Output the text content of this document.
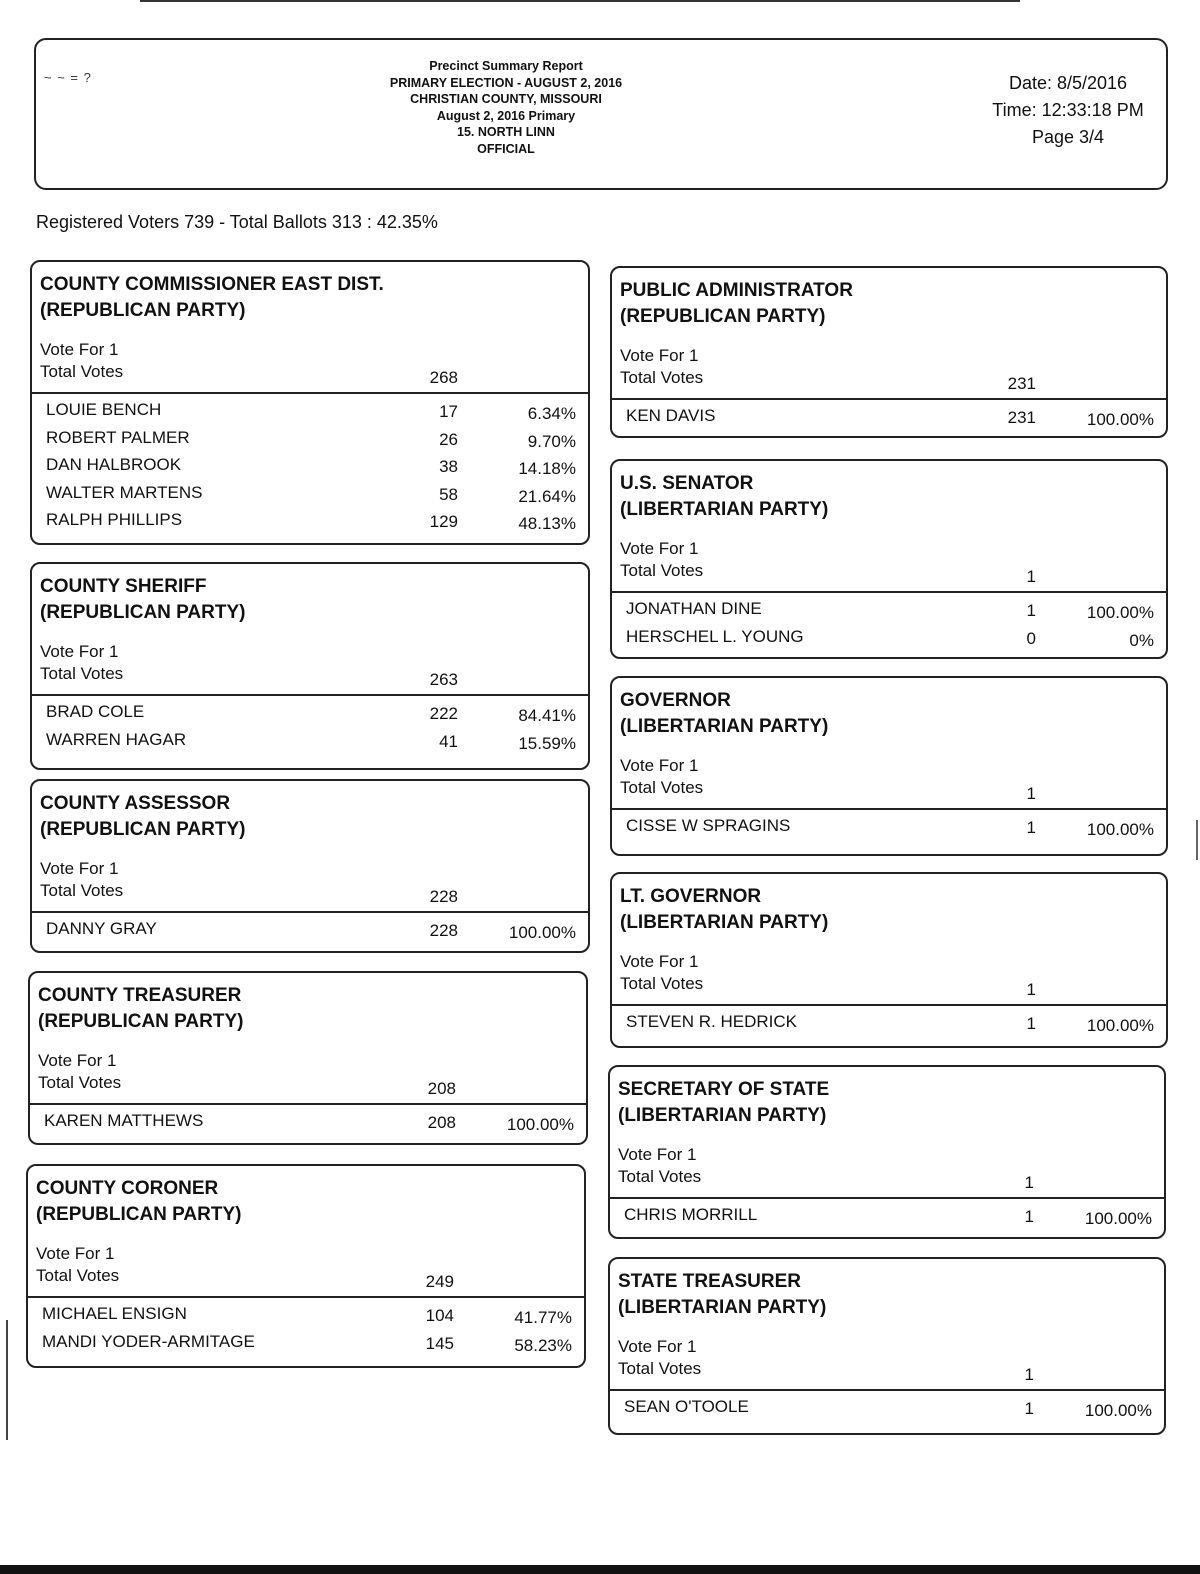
~ ~ = ?
Precinct Summary Report
PRIMARY ELECTION - AUGUST 2, 2016
CHRISTIAN COUNTY, MISSOURI
August 2, 2016 Primary
15. NORTH LINN
OFFICIAL
Date: 8/5/2016
Time: 12:33:18 PM
Page 3/4
Registered Voters 739 - Total Ballots 313 : 42.35%
COUNTY COMMISSIONER EAST DIST.
(REPUBLICAN PARTY)
Vote For 1
Total Votes	268
LOUIE BENCH	17	6.34%
ROBERT PALMER	26	9.70%
DAN HALBROOK	38	14.18%
WALTER MARTENS	58	21.64%
RALPH PHILLIPS	129	48.13%
COUNTY SHERIFF
(REPUBLICAN PARTY)
Vote For 1
Total Votes	263
BRAD COLE	222	84.41%
WARREN HAGAR	41	15.59%
COUNTY ASSESSOR
(REPUBLICAN PARTY)
Vote For 1
Total Votes	228
DANNY GRAY	228	100.00%
COUNTY TREASURER
(REPUBLICAN PARTY)
Vote For 1
Total Votes	208
KAREN MATTHEWS	208	100.00%
COUNTY CORONER
(REPUBLICAN PARTY)
Vote For 1
Total Votes	249
MICHAEL ENSIGN	104	41.77%
MANDI YODER-ARMITAGE	145	58.23%
PUBLIC ADMINISTRATOR
(REPUBLICAN PARTY)
Vote For 1
Total Votes	231
KEN DAVIS	231	100.00%
U.S. SENATOR
(LIBERTARIAN PARTY)
Vote For 1
Total Votes	1
JONATHAN DINE	1	100.00%
HERSCHEL L. YOUNG	0	0%
GOVERNOR
(LIBERTARIAN PARTY)
Vote For 1
Total Votes	1
CISSE W SPRAGINS	1	100.00%
LT. GOVERNOR
(LIBERTARIAN PARTY)
Vote For 1
Total Votes	1
STEVEN R. HEDRICK	1	100.00%
SECRETARY OF STATE
(LIBERTARIAN PARTY)
Vote For 1
Total Votes	1
CHRIS MORRILL	1	100.00%
STATE TREASURER
(LIBERTARIAN PARTY)
Vote For 1
Total Votes	1
SEAN O'TOOLE	1	100.00%
